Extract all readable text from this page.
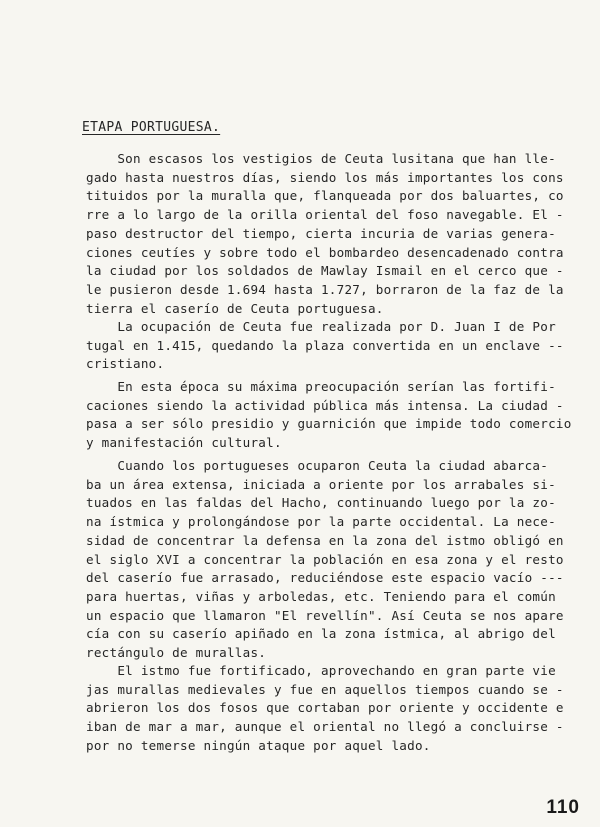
ETAPA PORTUGUESA.
Son escasos los vestigios de Ceuta lusitana que han lle-
gado hasta nuestros días, siendo los más importantes los cons
tituidos por la muralla que, flanqueada por dos baluartes, co
rre a lo largo de la orilla oriental del foso navegable. El -
paso destructor del tiempo, cierta incuria de varias genera-
ciones ceutíes y sobre todo el bombardeo desencadenado contra
la ciudad por los soldados de Mawlay Ismail en el cerco que -
le pusieron desde 1.694 hasta 1.727, borraron de la faz de la
tierra el caserío de Ceuta portuguesa.
La ocupación de Ceuta fue realizada por D. Juan I de Por
tugal en 1.415, quedando la plaza convertida en un enclave --
cristiano.
En esta época su máxima preocupación serían las fortifi-
caciones siendo la actividad pública más intensa. La ciudad -
pasa a ser sólo presidio y guarnición que impide todo comercio
y manifestación cultural.
Cuando los portugueses ocuparon Ceuta la ciudad abarca-
ba un área extensa, iniciada a oriente por los arrabales si-
tuados en las faldas del Hacho, continuando luego por la zo-
na ístmica y prolongándose por la parte occidental. La nece-
sidad de concentrar la defensa en la zona del istmo obligó en
el siglo XVI a concentrar la población en esa zona y el resto
del caserío fue arrasado, reduciéndose este espacio vacío ---
para huertas, viñas y arboledas, etc. Teniendo para el común
un espacio que llamaron "El revellín". Así Ceuta se nos apare
cía con su caserío apiñado en la zona ístmica, al abrigo del
rectángulo de murallas.
El istmo fue fortificado, aprovechando en gran parte vie
jas murallas medievales y fue en aquellos tiempos cuando se -
abrieron los dos fosos que cortaban por oriente y occidente e
iban de mar a mar, aunque el oriental no llegó a concluirse -
por no temerse ningún ataque por aquel lado.
110
